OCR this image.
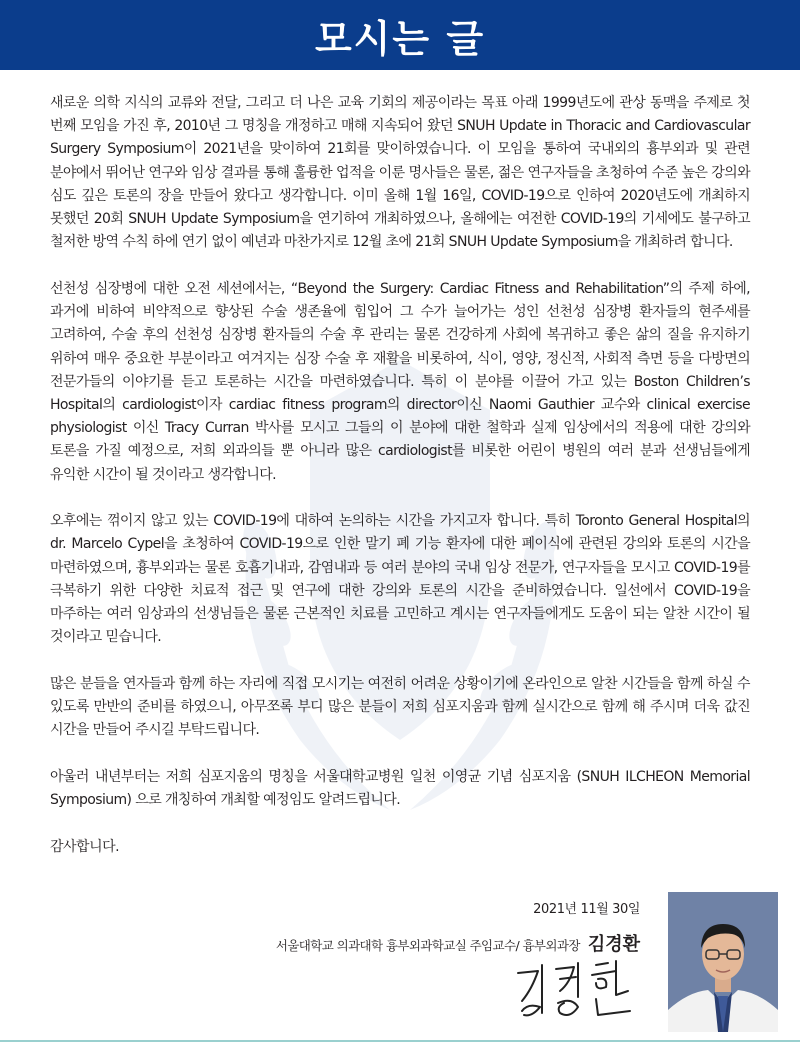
모시는 글

새로운 의학 지식의 교류와 전달, 그리고 더 나은 교육 기회의 제공이라는 목표 아래 1999년도에 관상 동맥을 주제로 첫 번째 모임을 가진 후, 2010년 그 명칭을 개정하고 매해 지속되어 왔던 SNUH Update in Thoracic and Cardiovascular Surgery Symposium이 2021년을 맞이하여 21회를 맞이하였습니다. 이 모임을 통하여 국내외의 흉부외과 및 관련 분야에서 뛰어난 연구와 임상 결과를 통해 훌륭한 업적을 이룬 명사들은 물론, 젊은 연구자들을 초청하여 수준 높은 강의와 심도 깊은 토론의 장을 만들어 왔다고 생각합니다. 이미 올해 1월 16일, COVID-19으로 인하여 2020년도에 개최하지 못했던 20회 SNUH Update Symposium을 연기하여 개최하였으나, 올해에는 여전한 COVID-19의 기세에도 불구하고 철저한 방역 수칙 하에 연기 없이 예년과 마찬가지로 12월 초에 21회 SNUH Update Symposium을 개최하려 합니다.

선천성 심장병에 대한 오전 세션에서는, “Beyond the Surgery: Cardiac Fitness and Rehabilitation”의 주제 하에, 과거에 비하여 비약적으로 향상된 수술 생존율에 힘입어 그 수가 늘어가는 성인 선천성 심장병 환자들의 현주세를 고려하여, 수술 후의 선천성 심장병 환자들의 수술 후 관리는 물론 건강하게 사회에 복귀하고 좋은 삶의 질을 유지하기 위하여 매우 중요한 부분이라고 여겨지는 심장 수술 후 재활을 비롯하여, 식이, 영양, 정신적, 사회적 측면 등을 다방면의 전문가들의 이야기를 듣고 토론하는 시간을 마련하였습니다. 특히 이 분야를 이끌어 가고 있는 Boston Children’s Hospital의 cardiologist이자 cardiac fitness program의 director이신 Naomi Gauthier 교수와 clinical exercise physiologist 이신 Tracy Curran 박사를 모시고 그들의 이 분야에 대한 철학과 실제 임상에서의 적용에 대한 강의와 토론을 가질 예정으로, 저희 외과의들 뿐 아니라 많은 cardiologist를 비롯한 어린이 병원의 여러 분과 선생님들에게 유익한 시간이 될 것이라고 생각합니다.

오후에는 꺾이지 않고 있는 COVID-19에 대하여 논의하는 시간을 가지고자 합니다. 특히 Toronto General Hospital의 dr. Marcelo Cypel을 초청하여 COVID-19으로 인한 말기 폐 기능 환자에 대한 폐이식에 관련된 강의와 토론의 시간을 마련하였으며, 흉부외과는 물론 호흡기내과, 감염내과 등 여러 분야의 국내 임상 전문가, 연구자들을 모시고 COVID-19를 극복하기 위한 다양한 치료적 접근 및 연구에 대한 강의와 토론의 시간을 준비하였습니다. 일선에서 COVID-19을 마주하는 여러 임상과의 선생님들은 물론 근본적인 치료를 고민하고 계시는 연구자들에게도 도움이 되는 알찬 시간이 될 것이라고 믿습니다.

많은 분들을 연자들과 함께 하는 자리에 직접 모시기는 여전히 어려운 상황이기에 온라인으로 알찬 시간들을 함께 하실 수 있도록 만반의 준비를 하였으니, 아무쪼록 부디 많은 분들이 저희 심포지움과 함께 실시간으로 함께 해 주시며 더욱 값진 시간을 만들어 주시길 부탁드립니다.

아울러 내년부터는 저희 심포지움의 명칭을 서울대학교병원 일천 이영균 기념 심포지움 (SNUH ILCHEON Memorial Symposium) 으로 개칭하여 개최할 예정임도 알려드립니다.

감사합니다.

2021년 11월 30일
서울대학교 의과대학 흉부외과학교실 주임교수/ 흉부외과장 김경환
